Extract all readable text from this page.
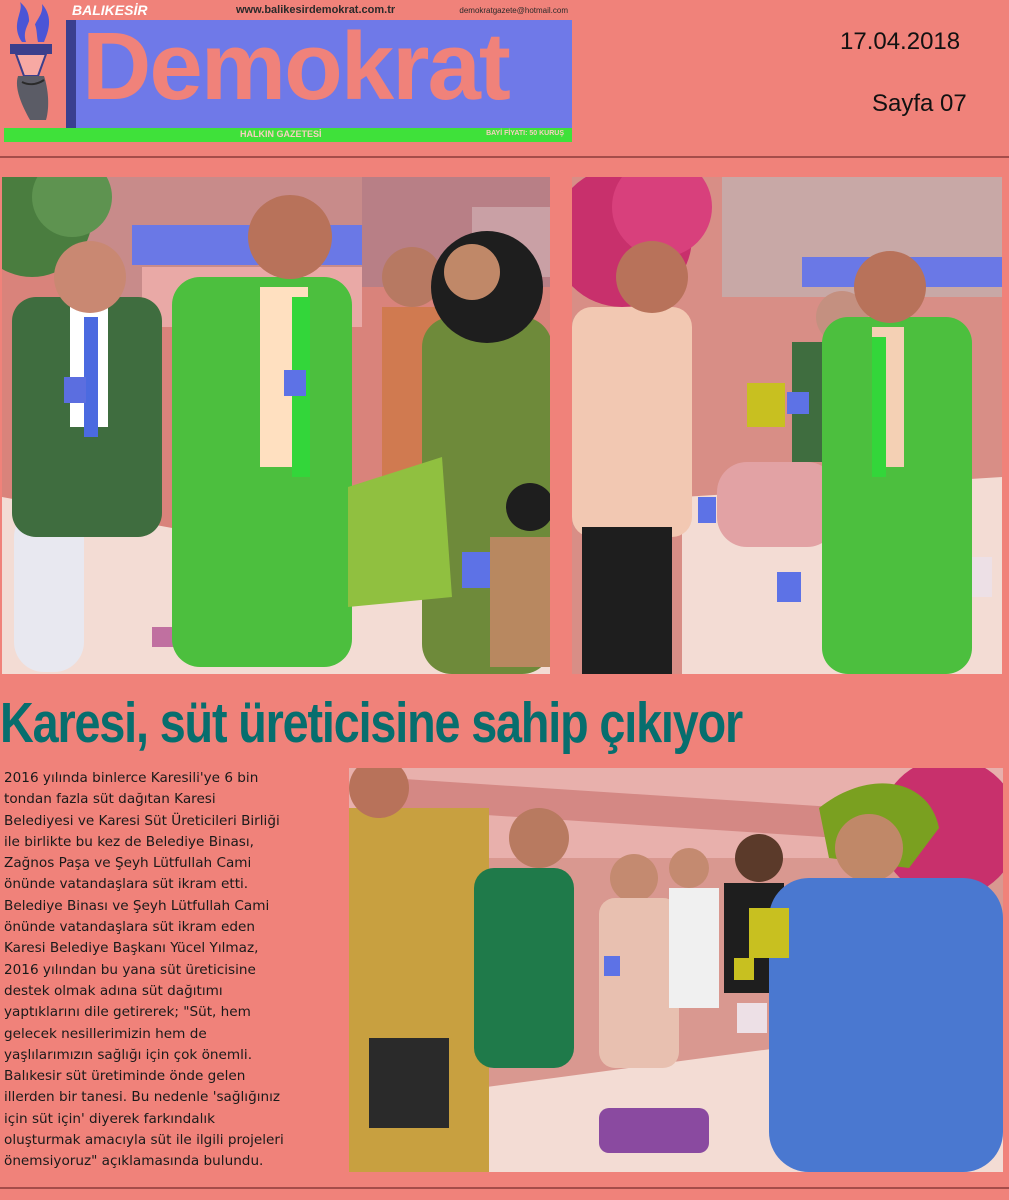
BALIKESİR	www.balikesirdemokrat.com.tr	demokratgazete@hotmail.com
Demokrat
HALKIN GAZETESİ	BAYİ FİYATI: 50 KURUŞ
17.04.2018
Sayfa 07
Karesi, süt üreticisine sahip çıkıyor
2016 yılında binlerce Karesili'ye 6 bin
tondan fazla süt dağıtan Karesi
Belediyesi ve Karesi Süt Üreticileri Birliği
ile birlikte bu kez de Belediye Binası,
Zağnos Paşa ve Şeyh Lütfullah Cami
önünde vatandaşlara süt ikram etti.
Belediye Binası ve Şeyh Lütfullah Cami
önünde vatandaşlara süt ikram eden
Karesi Belediye Başkanı Yücel Yılmaz,
2016 yılından bu yana süt üreticisine
destek olmak adına süt dağıtımı
yaptıklarını dile getirerek; "Süt, hem
gelecek nesillerimizin hem de
yaşlılarımızın sağlığı için çok önemli.
Balıkesir süt üretiminde önde gelen
illerden bir tanesi. Bu nedenle 'sağlığınız
için süt için' diyerek farkındalık
oluşturmak amacıyla süt ile ilgili projeleri
önemsiyoruz" açıklamasında bulundu.
